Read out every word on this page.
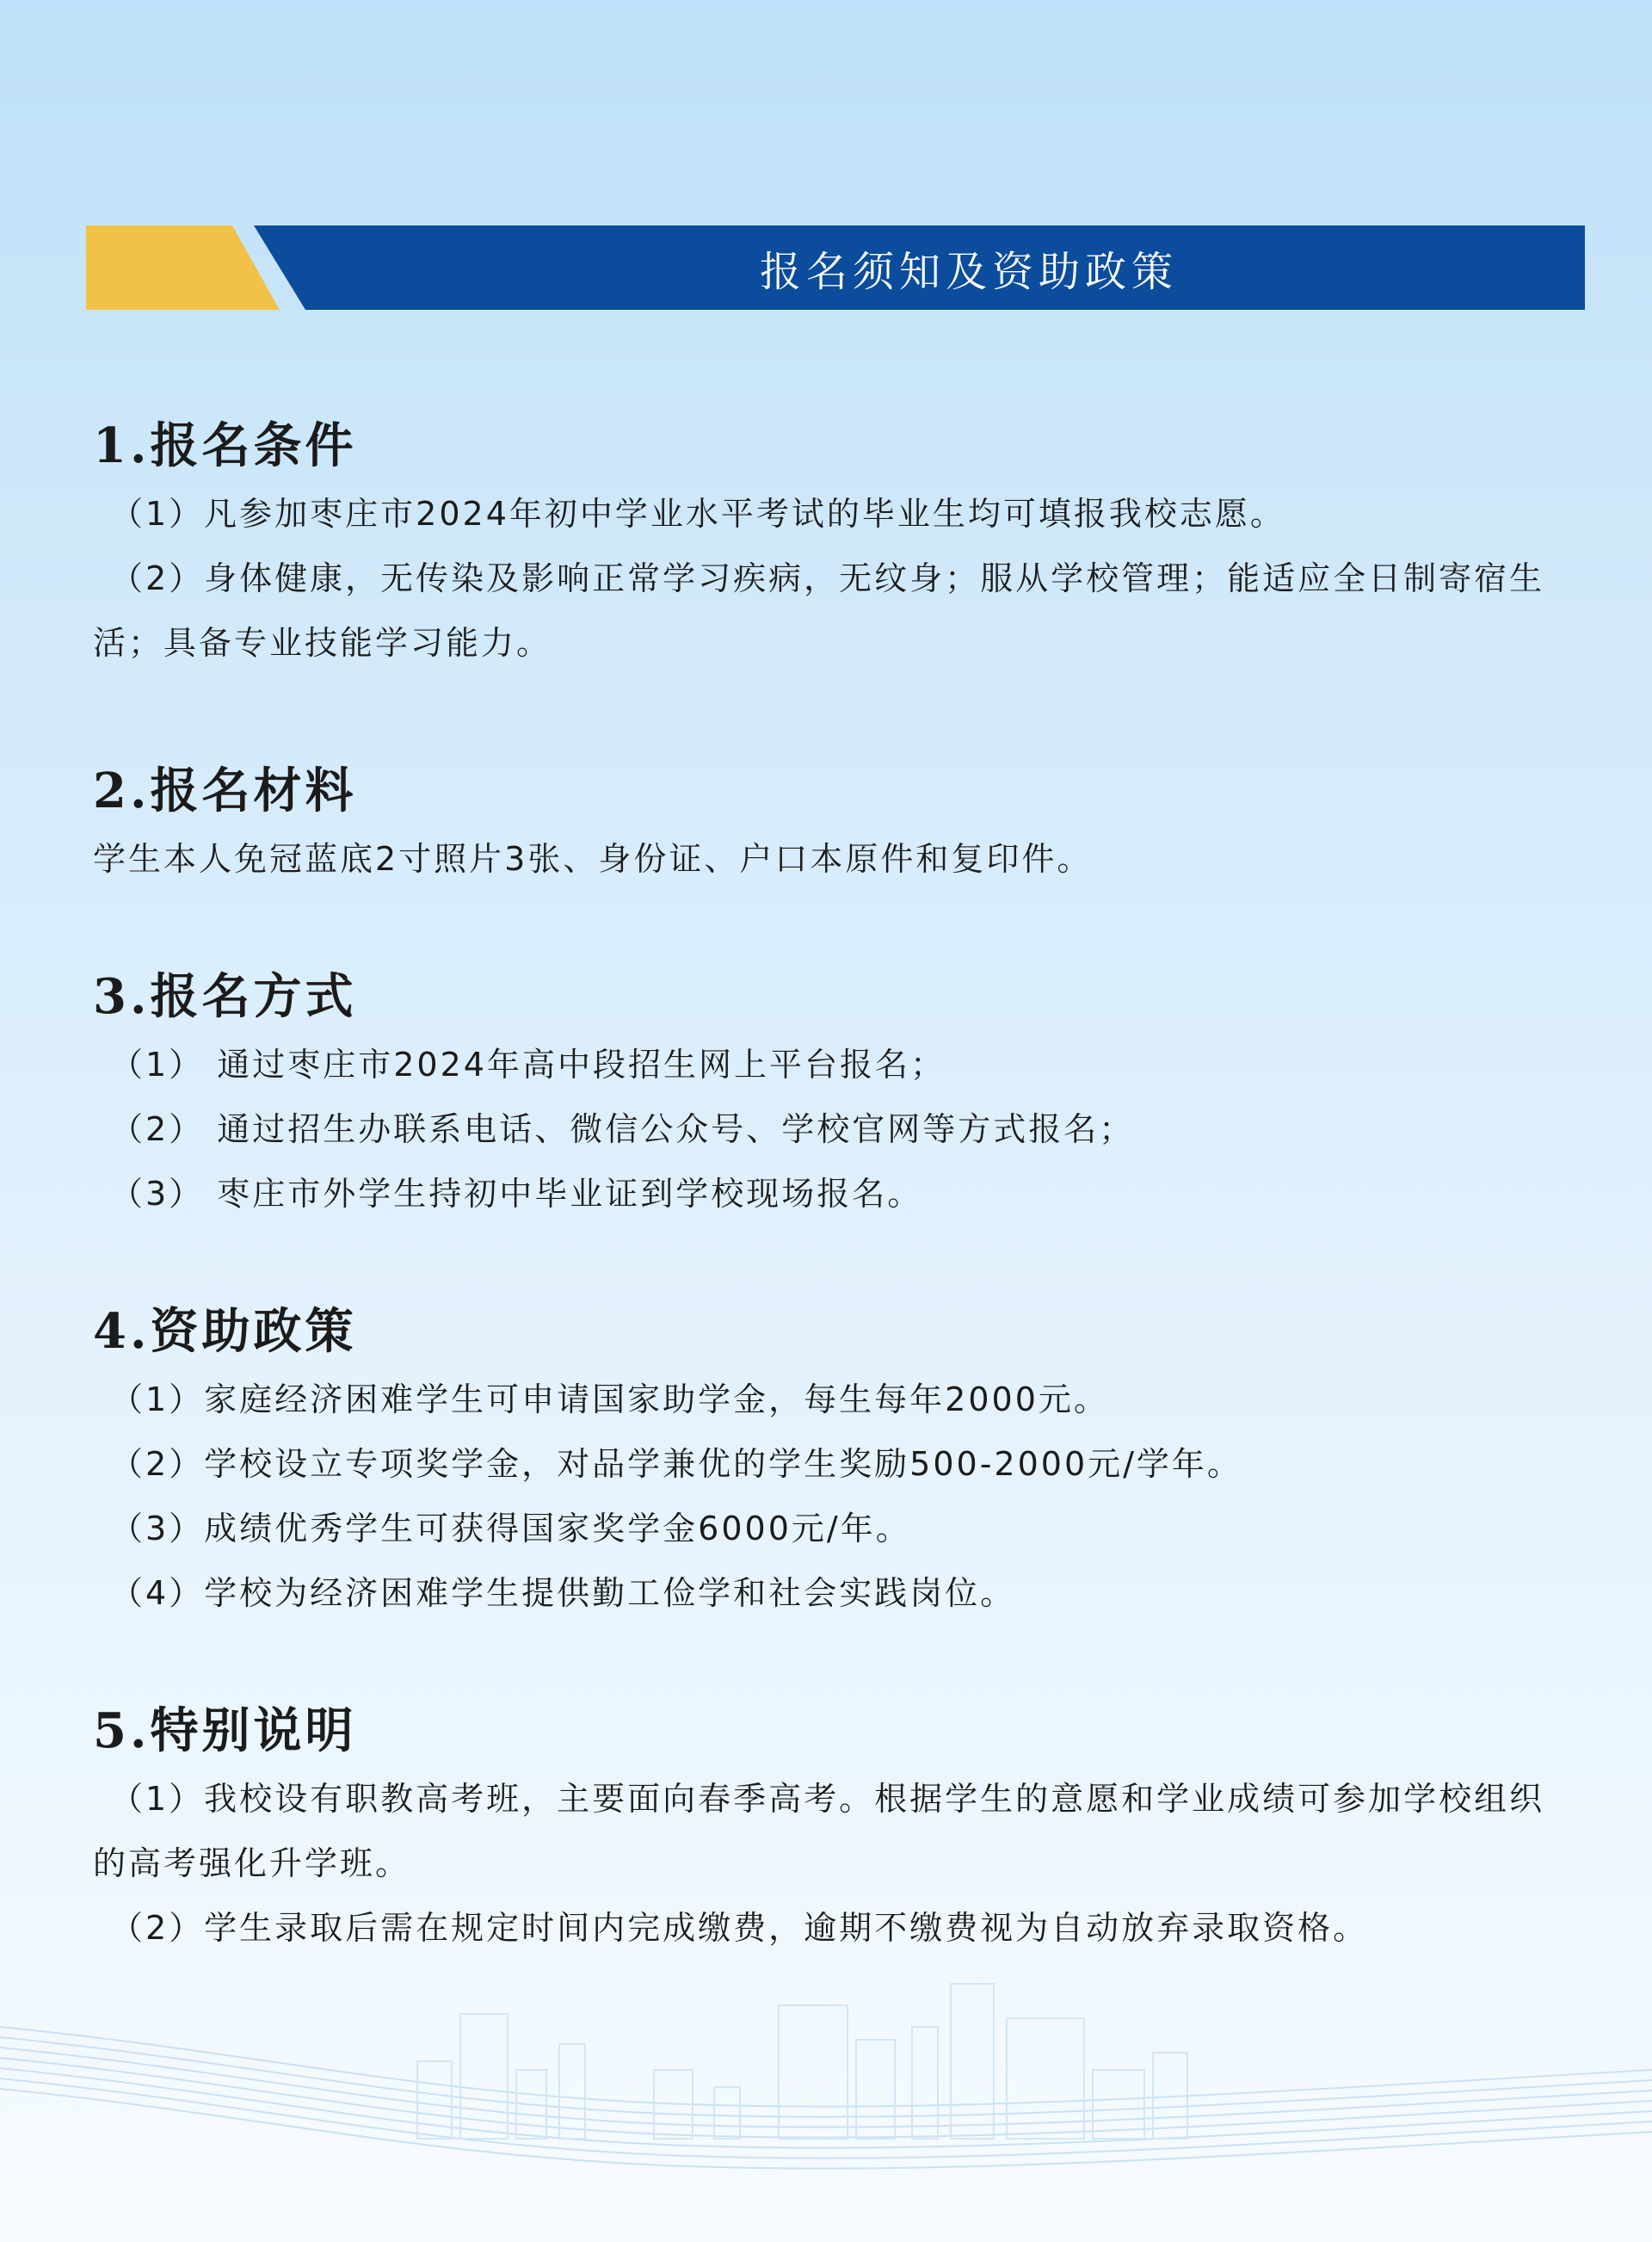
报名须知及资助政策
1.报名条件

（1）凡参加枣庄市2024年初中学业水平考试的毕业生均可填报我校志愿。

（2）身体健康，无传染及影响正常学习疾病，无纹身；服从学校管理；能适应全日制寄宿生活；具备专业技能学习能力。

2.报名材料

学生本人免冠蓝底2寸照片3张、身份证、户口本原件和复印件。

3.报名方式

（1） 通过枣庄市2024年高中段招生网上平台报名；

（2） 通过招生办联系电话、微信公众号、学校官网等方式报名；

（3） 枣庄市外学生持初中毕业证到学校现场报名。

4.资助政策

（1）家庭经济困难学生可申请国家助学金，每生每年2000元。

（2）学校设立专项奖学金，对品学兼优的学生奖励500-2000元/学年。

（3）成绩优秀学生可获得国家奖学金6000元/年。

（4）学校为经济困难学生提供勤工俭学和社会实践岗位。

5.特别说明

（1）我校设有职教高考班，主要面向春季高考。根据学生的意愿和学业成绩可参加学校组织的高考强化升学班。

（2）学生录取后需在规定时间内完成缴费，逾期不缴费视为自动放弃录取资格。
